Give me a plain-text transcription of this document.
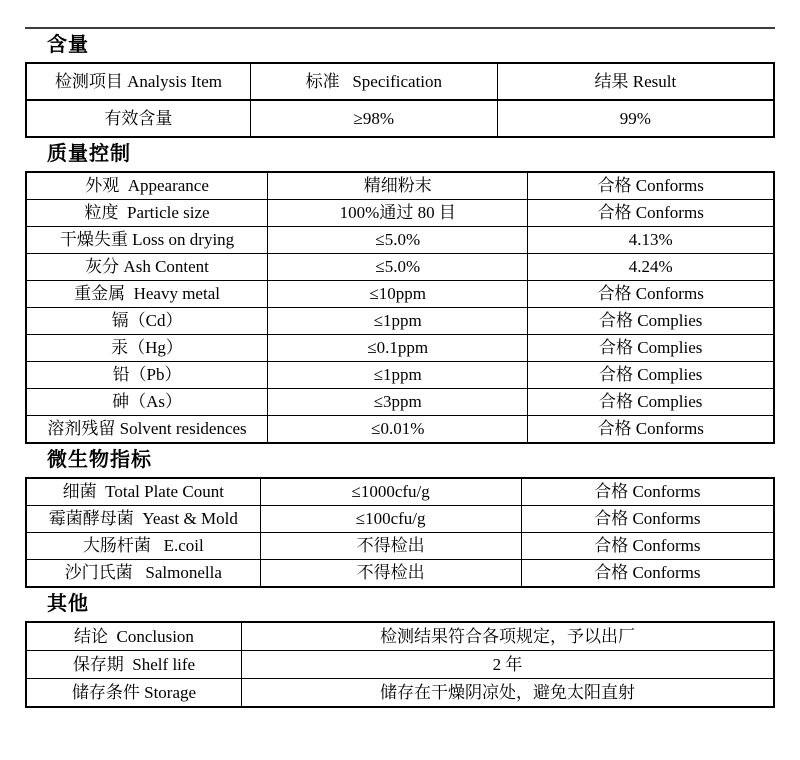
含量
检测项目 Analysis Item	标准   Specification	结果 Result
有效含量	≥98%	99%
质量控制
外观  Appearance	精细粉末	合格 Conforms
粒度  Particle size	100%通过 80 目	合格 Conforms
干燥失重 Loss on drying	≤5.0%	4.13%
灰分 Ash Content	≤5.0%	4.24%
重金属  Heavy metal	≤10ppm	合格 Conforms
镉（Cd）	≤1ppm	合格 Complies
汞（Hg）	≤0.1ppm	合格 Complies
铅（Pb）	≤1ppm	合格 Complies
砷（As）	≤3ppm	合格 Complies
溶剂残留 Solvent residences	≤0.01%	合格 Conforms
微生物指标
细菌  Total Plate Count	≤1000cfu/g	合格 Conforms
霉菌酵母菌  Yeast & Mold	≤100cfu/g	合格 Conforms
大肠杆菌   E.coil	不得检出	合格 Conforms
沙门氏菌   Salmonella	不得检出	合格 Conforms
其他
结论  Conclusion	检测结果符合各项规定，予以出厂
保存期  Shelf life	2 年
储存条件 Storage	储存在干燥阴凉处，避免太阳直射
